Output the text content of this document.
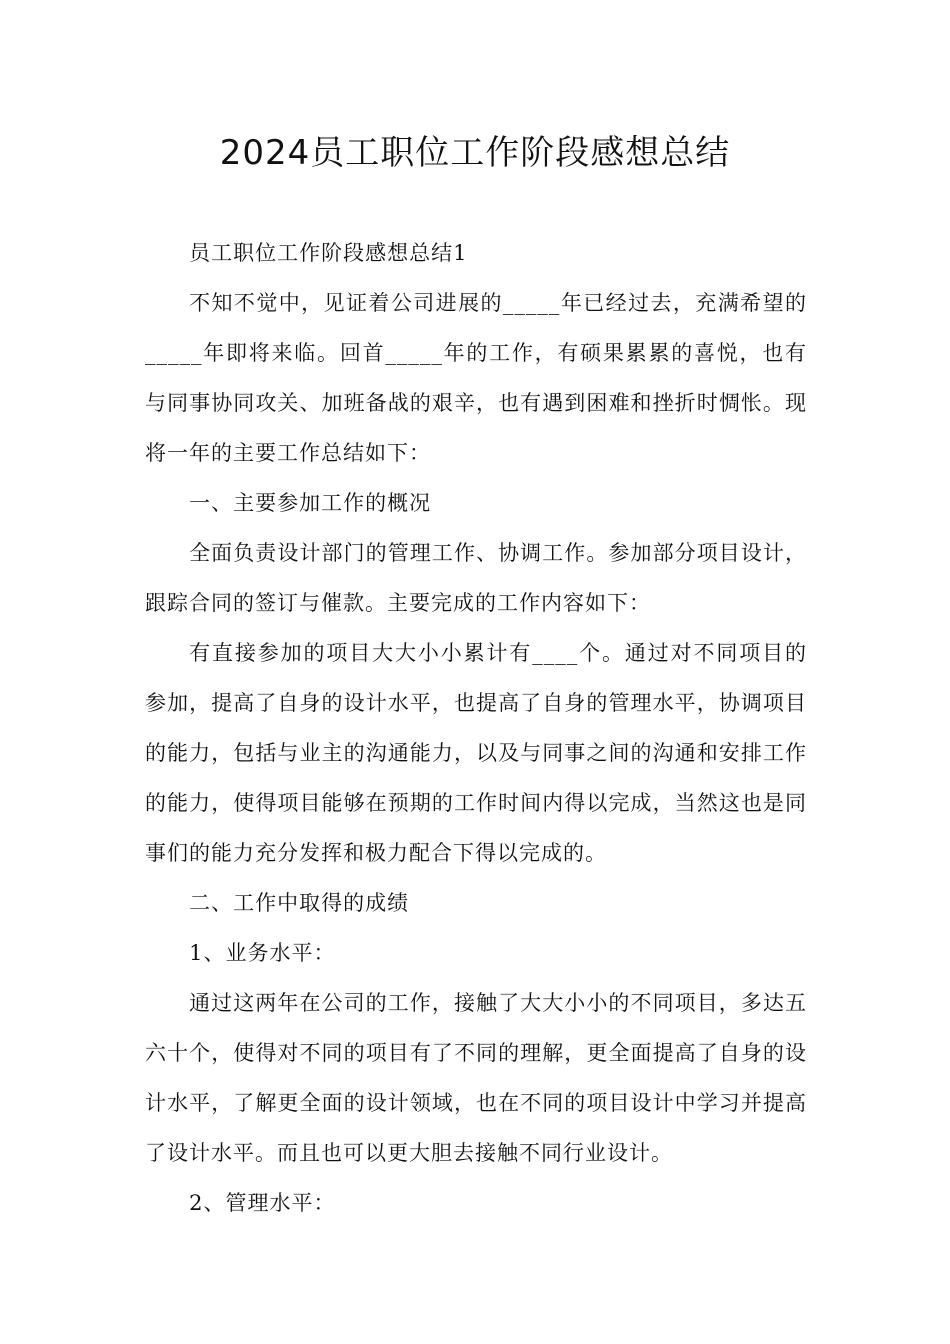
2024员工职位工作阶段感想总结

员工职位工作阶段感想总结1

不知不觉中，见证着公司进展的_____年已经过去，充满希望的_____年即将来临。回首_____年的工作，有硕果累累的喜悦，也有与同事协同攻关、加班备战的艰辛，也有遇到困难和挫折时惆怅。现将一年的主要工作总结如下：

一、主要参加工作的概况

全面负责设计部门的管理工作、协调工作。参加部分项目设计，跟踪合同的签订与催款。主要完成的工作内容如下：

有直接参加的项目大大小小累计有____个。通过对不同项目的参加，提高了自身的设计水平，也提高了自身的管理水平，协调项目的能力，包括与业主的沟通能力，以及与同事之间的沟通和安排工作的能力，使得项目能够在预期的工作时间内得以完成，当然这也是同事们的能力充分发挥和极力配合下得以完成的。

二、工作中取得的成绩

1、业务水平：

通过这两年在公司的工作，接触了大大小小的不同项目，多达五六十个，使得对不同的项目有了不同的理解，更全面提高了自身的设计水平，了解更全面的设计领域，也在不同的项目设计中学习并提高了设计水平。而且也可以更大胆去接触不同行业设计。

2、管理水平：
